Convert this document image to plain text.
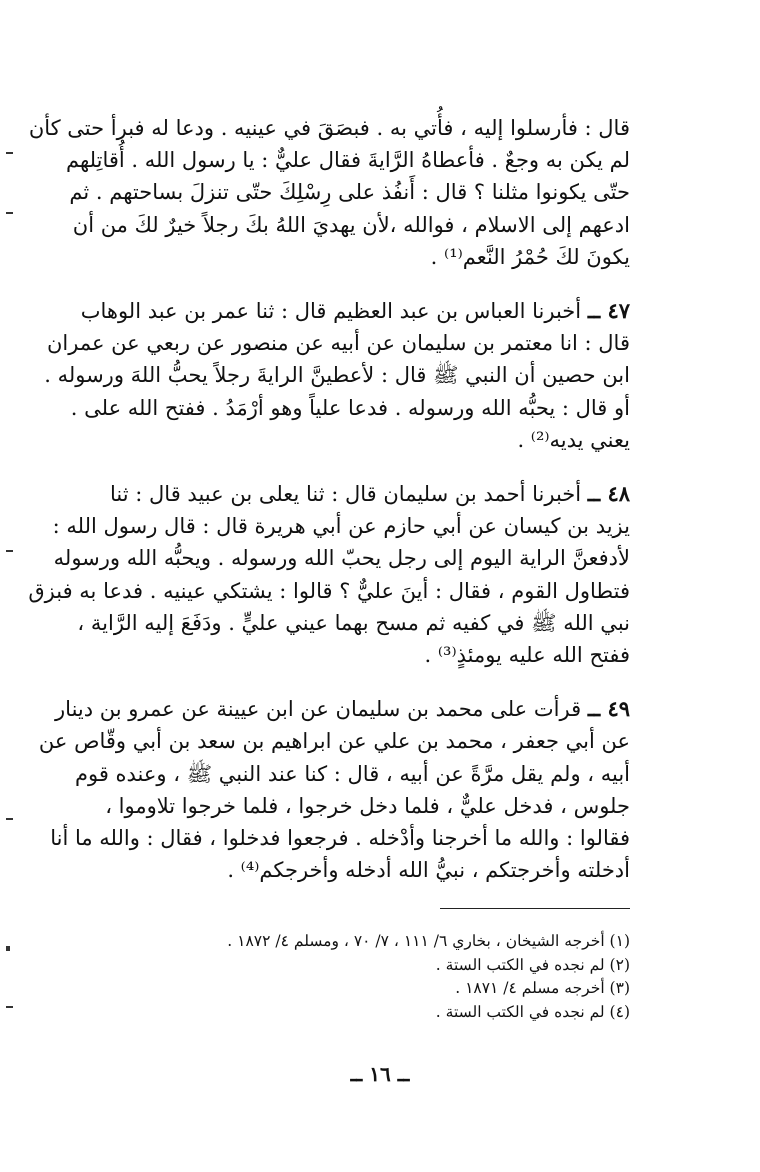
قال : فأرسلوا إليه ، فأُتي به . فبصَقَ في عينيه . ودعا له فبرأ حتى كأن
لم يكن به وجعٌ . فأعطاهُ الرَّايةَ فقال عليٌّ : يا رسول الله . أُقاتِلهم
حتّى يكونوا مثلنا ؟ قال : أَنفُذ على رِسْلِكَ حتّى تنزلَ بساحتهم . ثم
ادعهم إلى الاسلام ، فوالله ،لأن يهديَ اللهُ بكَ رجلاً خيرٌ لكَ من أن
يكونَ لكَ حُمْرُ النَّعم⁽¹⁾ .
٤٧ ــ أخبرنا العباس بن عبد العظيم قال : ثنا عمر بن عبد الوهاب
قال : انا معتمر بن سليمان عن أبيه عن منصور عن ربعي عن عمران
ابن حصين أن النبي ﷺ قال : لأعطينَّ الرايةَ رجلاً يحبُّ اللهَ ورسوله .
أو قال : يحبُّه الله ورسوله . فدعا علياً وهو أرْمَدُ . ففتح الله على .
يعني يديه⁽²⁾ .
٤٨ ــ أخبرنا أحمد بن سليمان قال : ثنا يعلى بن عبيد قال : ثنا
يزيد بن كيسان عن أبي حازم عن أبي هريرة قال : قال رسول الله :
لأدفعنَّ الراية اليوم إلى رجل يحبّ الله ورسوله . ويحبُّه الله ورسوله
فتطاول القوم ، فقال : أينَ عليٌّ ؟ قالوا : يشتكي عينيه . فدعا به فبزق
نبي الله ﷺ في كفيه ثم مسح بهما عيني عليٍّ . ودَفَعَ إليه الرَّاية ،
ففتح الله عليه يومئذٍ⁽³⁾ .
٤٩ ــ قرأت على محمد بن سليمان عن ابن عيينة عن عمرو بن دينار
عن أبي جعفر ، محمد بن علي عن ابراهيم بن سعد بن أبي وقّاص عن
أبيه ، ولم يقل مرَّةً عن أبيه ، قال : كنا عند النبي ﷺ ، وعنده قوم
جلوس ، فدخل عليٌّ ، فلما دخل خرجوا ، فلما خرجوا تلاوموا ،
فقالوا : والله ما أخرجنا وأدْخله . فرجعوا فدخلوا ، فقال : والله ما أنا
أدخلته وأخرجتكم ، نبيُّ الله أدخله وأخرجكم⁽⁴⁾ .
(١) أخرجه الشيخان ، بخاري ٦/ ١١١ ، ٧/ ٧٠ ، ومسلم ٤/ ١٨٧٢ .
(٢) لم نجده في الكتب الستة .
(٣) أخرجه مسلم ٤/ ١٨٧١ .
(٤) لم نجده في الكتب الستة .
ــ ١٦ ــ
